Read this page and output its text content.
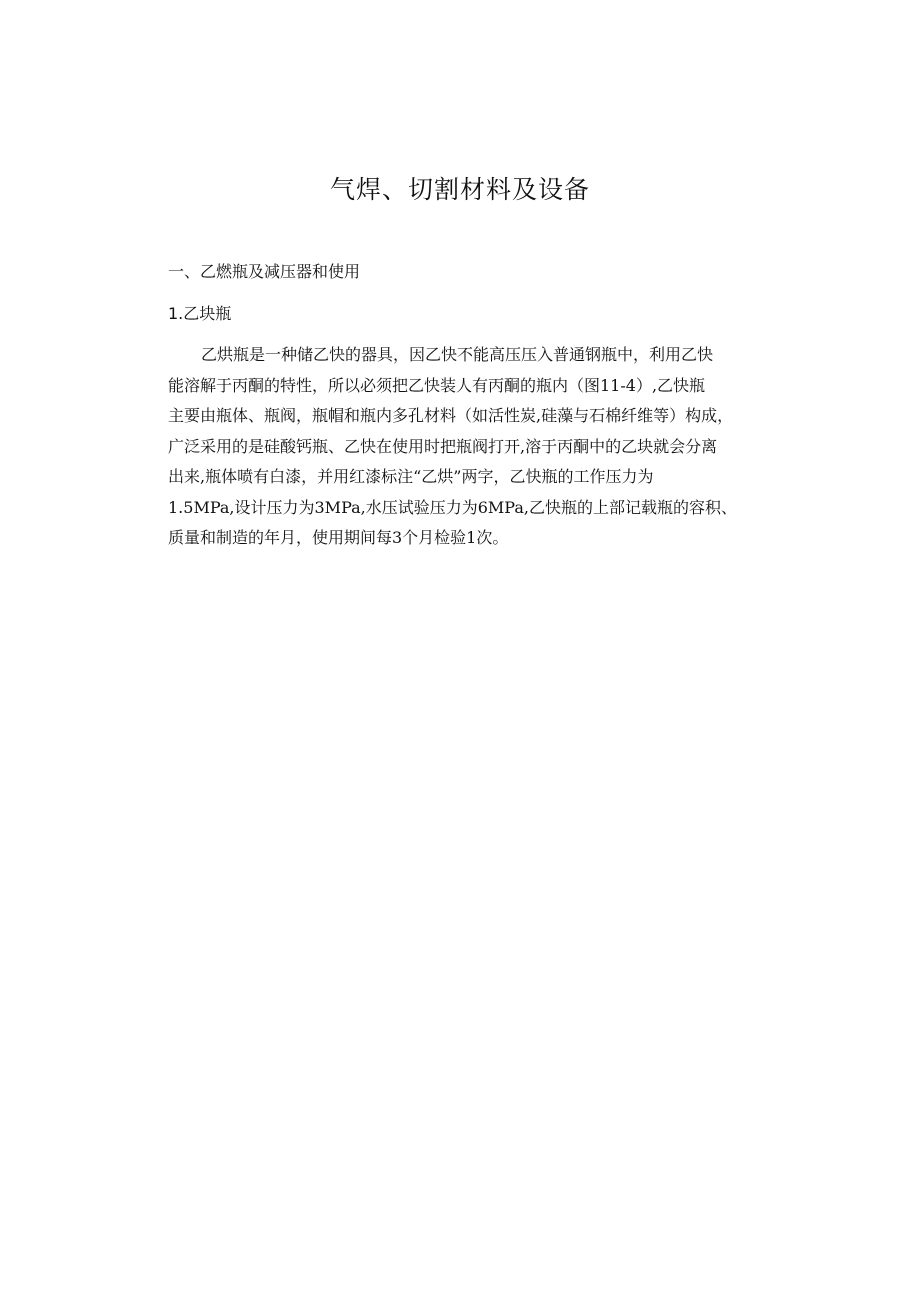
气焊、切割材料及设备
一、乙燃瓶及减压器和使用
1.乙块瓶

乙烘瓶是一种储乙快的器具，因乙快不能高压压入普通钢瓶中，利用乙快
能溶解于丙酮的特性，所以必须把乙快装人有丙酮的瓶内（图11-4）,乙快瓶
主要由瓶体、瓶阀，瓶帽和瓶内多孔材料（如活性炭,硅藻与石棉纤维等）构成，
广泛采用的是硅酸钙瓶、乙快在使用时把瓶阀打开,溶于丙酮中的乙块就会分离
出来,瓶体喷有白漆，并用红漆标注“乙烘”两字，乙快瓶的工作压力为
1.5MPa,设计压力为3MPa,水压试验压力为6MPa,乙快瓶的上部记载瓶的容积、
质量和制造的年月，使用期间每3个月检验1次。
